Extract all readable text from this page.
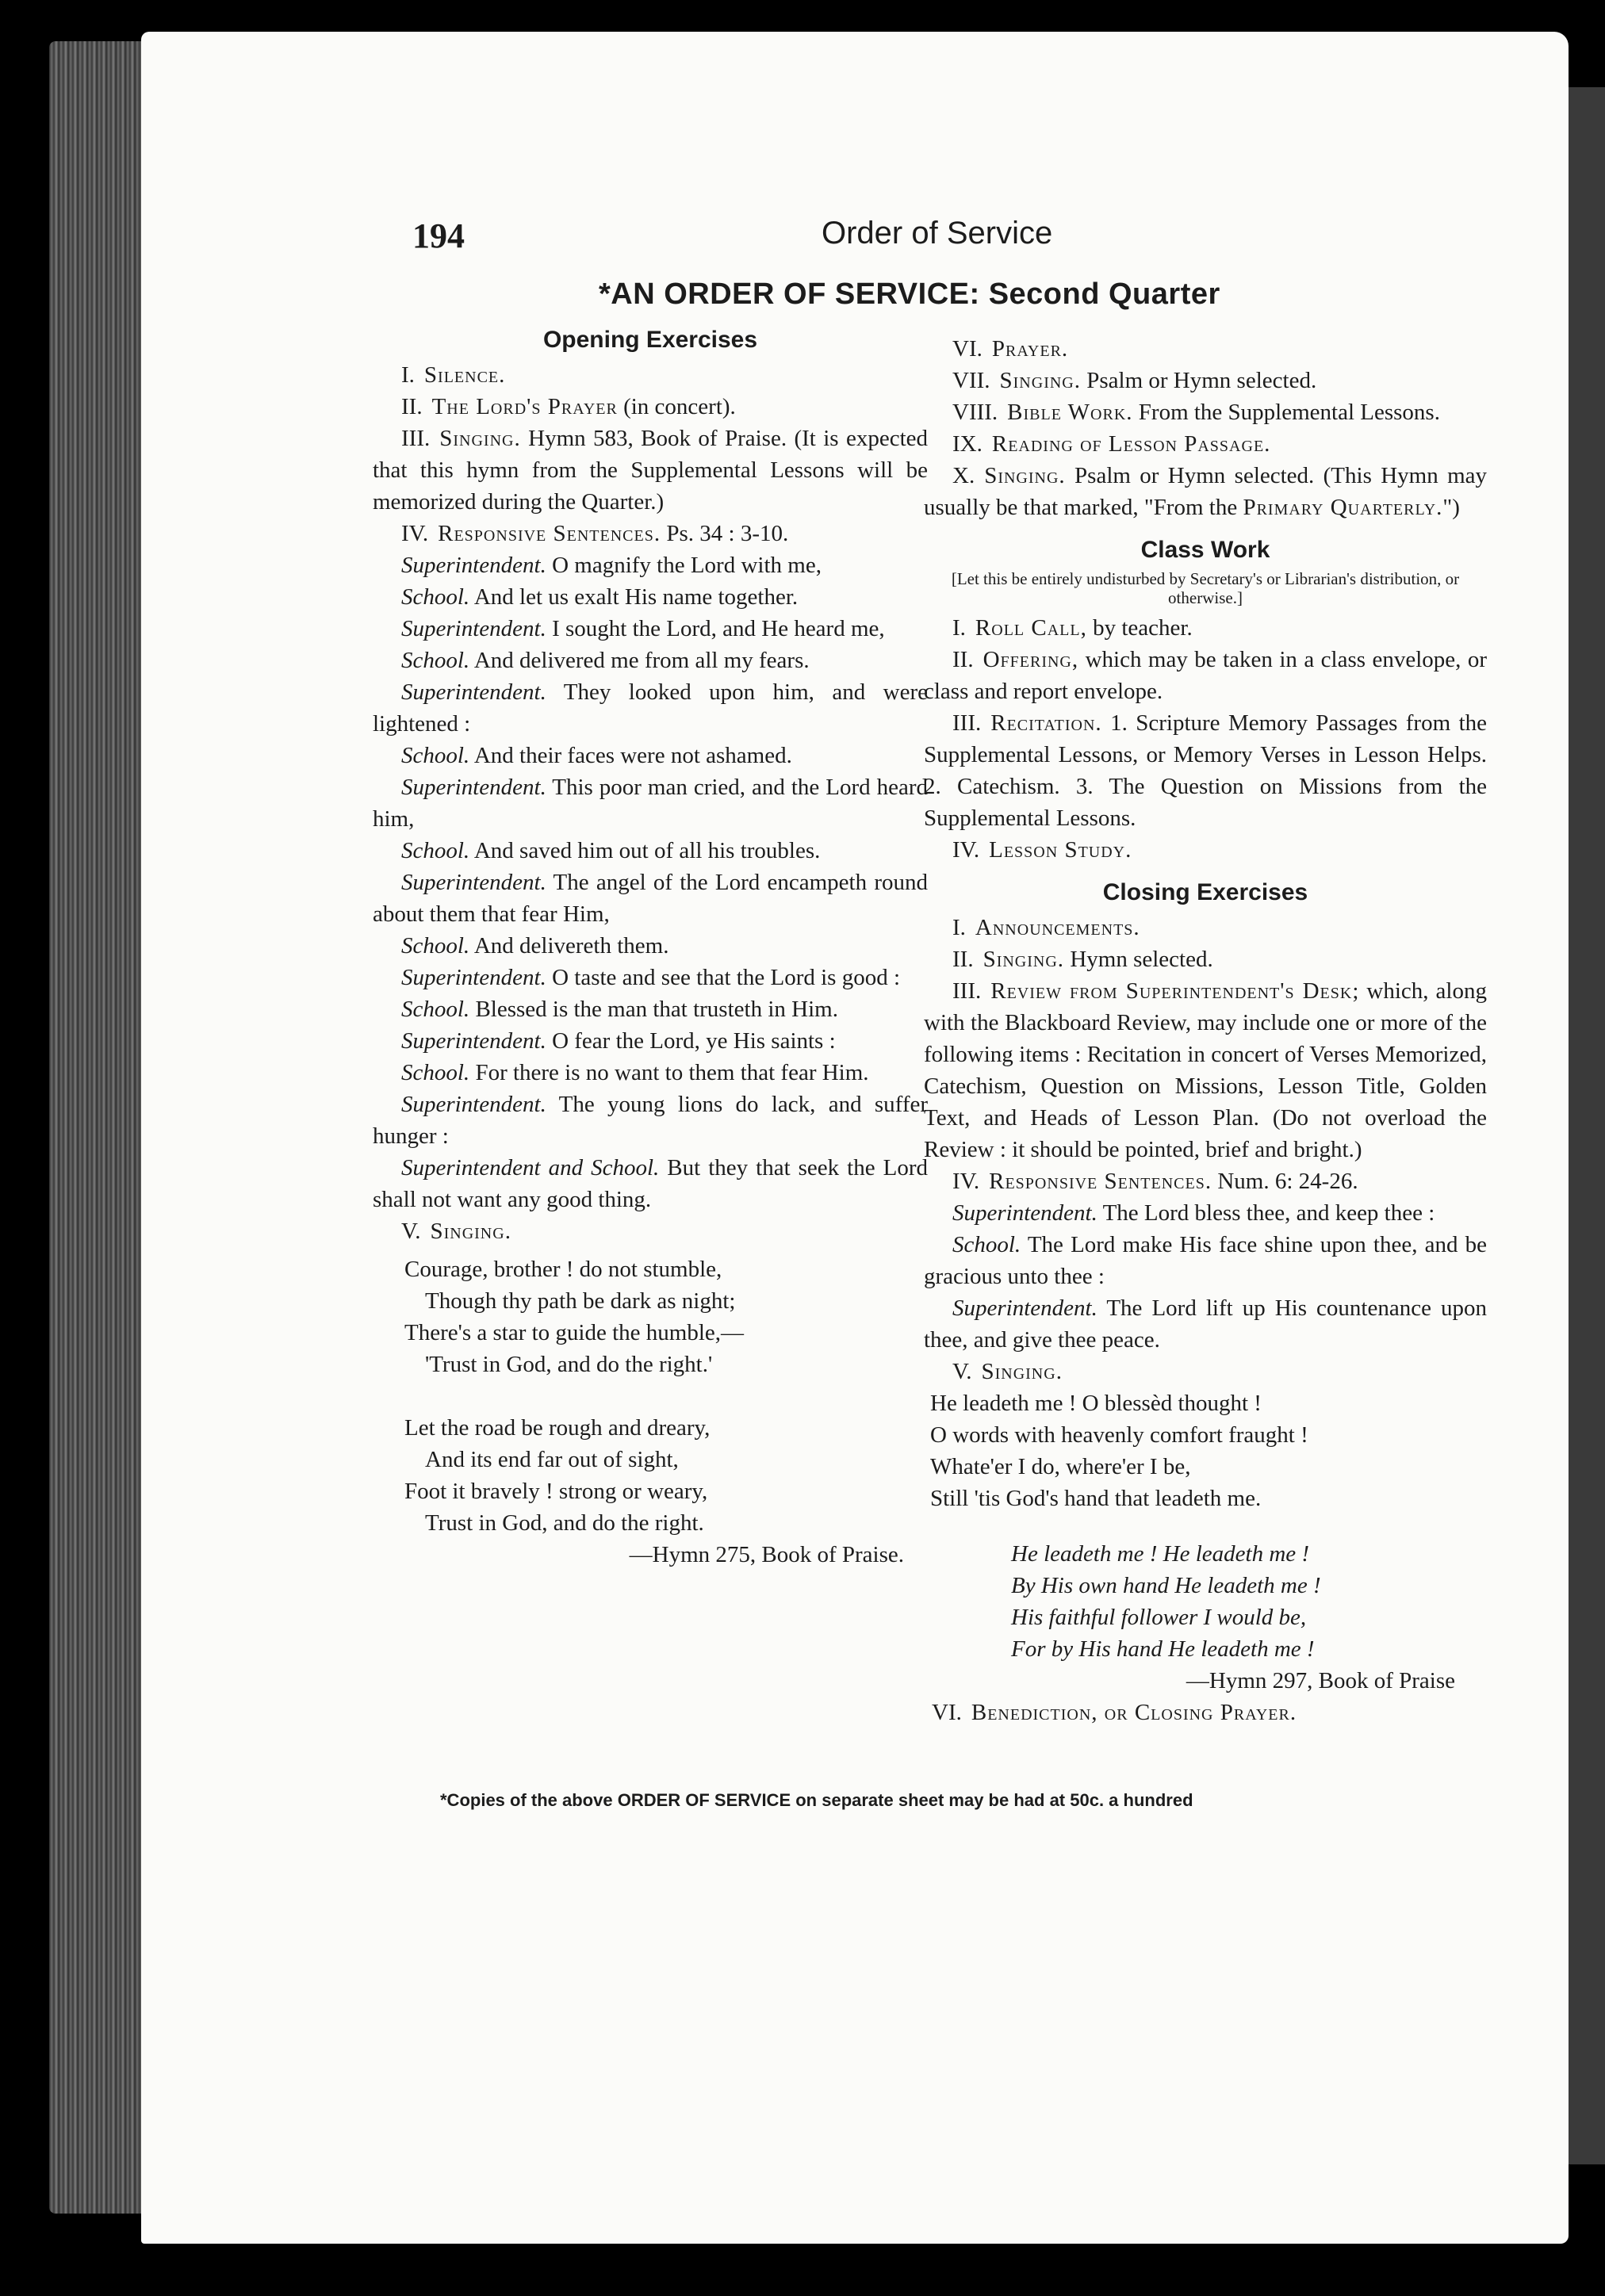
194	Order of Service
*AN ORDER OF SERVICE: Second Quarter
Opening Exercises

I. Silence.

II. The Lord's Prayer (in concert).

III. Singing. Hymn 583, Book of Praise. (It is expected that this hymn from the Supplemental Lessons will be memorized during the Quarter.)

IV. Responsive Sentences. Ps. 34 : 3-10.

Superintendent. O magnify the Lord with me,

School. And let us exalt His name together.

Superintendent. I sought the Lord, and He heard me,

School. And delivered me from all my fears.

Superintendent. They looked upon him, and were lightened :

School. And their faces were not ashamed.

Superintendent. This poor man cried, and the Lord heard him,

School. And saved him out of all his troubles.

Superintendent. The angel of the Lord encampeth round about them that fear Him,

School. And delivereth them.

Superintendent. O taste and see that the Lord is good :

School. Blessed is the man that trusteth in Him.

Superintendent. O fear the Lord, ye His saints :

School. For there is no want to them that fear Him.

Superintendent. The young lions do lack, and suffer hunger :

Superintendent and School. But they that seek the Lord shall not want any good thing.

V. Singing.

Courage, brother ! do not stumble,

Though thy path be dark as night;

There's a star to guide the humble,—

'Trust in God, and do the right.'

Let the road be rough and dreary,

And its end far out of sight,

Foot it bravely ! strong or weary,

Trust in God, and do the right.

—Hymn 275, Book of Praise.

VI. Prayer.

VII. Singing. Psalm or Hymn selected.

VIII. Bible Work. From the Supplemental Lessons.

IX. Reading of Lesson Passage.

X. Singing. Psalm or Hymn selected. (This Hymn may usually be that marked, "From the Primary Quarterly.")

Class Work

[Let this be entirely undisturbed by Secretary's or Librarian's distribution, or otherwise.]

I. Roll Call, by teacher.

II. Offering, which may be taken in a class envelope, or class and report envelope.

III. Recitation. 1. Scripture Memory Passages from the Supplemental Lessons, or Memory Verses in Lesson Helps. 2. Catechism. 3. The Question on Missions from the Supplemental Lessons.

IV. Lesson Study.

Closing Exercises

I. Announcements.

II. Singing. Hymn selected.

III. Review from Superintendent's Desk; which, along with the Blackboard Review, may include one or more of the following items : Recitation in concert of Verses Memorized, Catechism, Question on Missions, Lesson Title, Golden Text, and Heads of Lesson Plan. (Do not overload the Review : it should be pointed, brief and bright.)

IV. Responsive Sentences. Num. 6: 24-26.

Superintendent. The Lord bless thee, and keep thee :

School. The Lord make His face shine upon thee, and be gracious unto thee :

Superintendent. The Lord lift up His countenance upon thee, and give thee peace.

V. Singing.

He leadeth me ! O blessèd thought !

O words with heavenly comfort fraught !

Whate'er I do, where'er I be,

Still 'tis God's hand that leadeth me.

He leadeth me ! He leadeth me !

By His own hand He leadeth me !

His faithful follower I would be,

For by His hand He leadeth me !

—Hymn 297, Book of Praise

VI. Benediction, or Closing Prayer.

*Copies of the above ORDER OF SERVICE on separate sheet may be had at 50c. a hundred
